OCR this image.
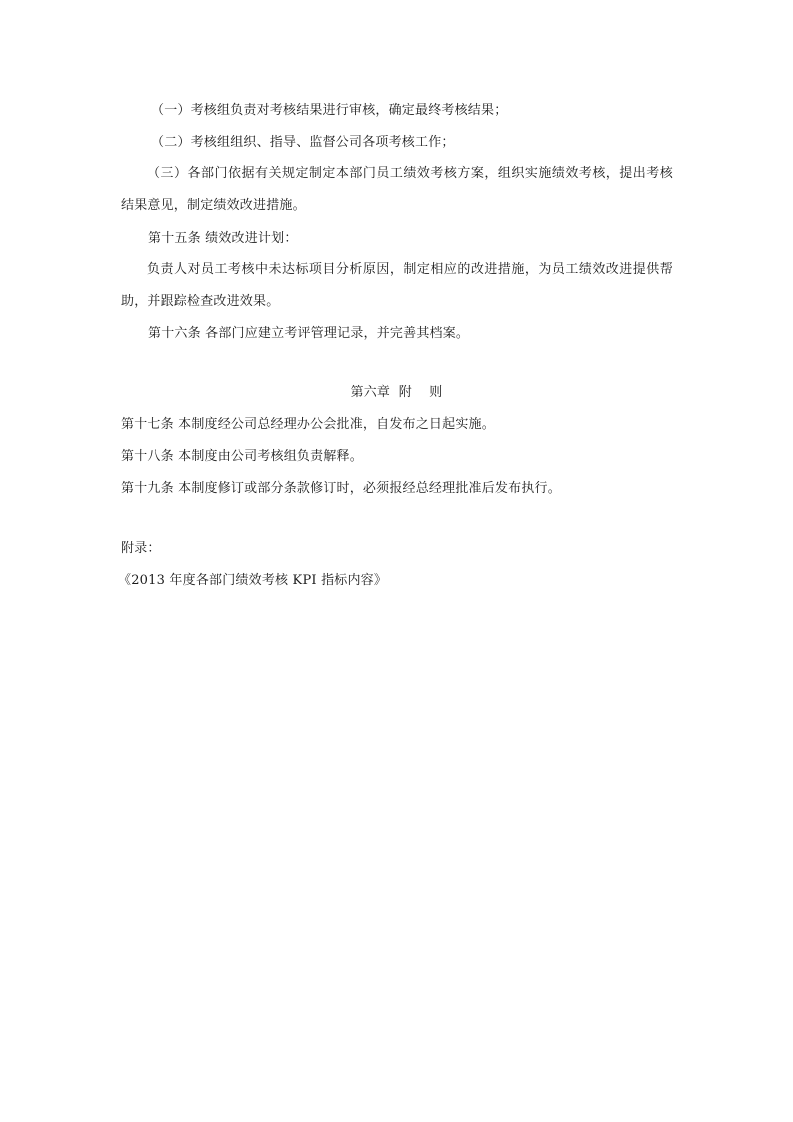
（一）考核组负责对考核结果进行审核，确定最终考核结果；
（二）考核组组织、指导、监督公司各项考核工作；

（三）各部门依据有关规定制定本部门员工绩效考核方案，组织实施绩效考核，提出考核结果意见，制定绩效改进措施。

第十五条 绩效改进计划：

负责人对员工考核中未达标项目分析原因，制定相应的改进措施，为员工绩效改进提供帮助，并跟踪检查改进效果。

第十六条 各部门应建立考评管理记录，并完善其档案。
第六章  附    则
第十七条 本制度经公司总经理办公会批准，自发布之日起实施。
第十八条 本制度由公司考核组负责解释。
第十九条 本制度修订或部分条款修订时，必须报经总经理批准后发布执行。
附录：
《2013 年度各部门绩效考核 KPI 指标内容》
